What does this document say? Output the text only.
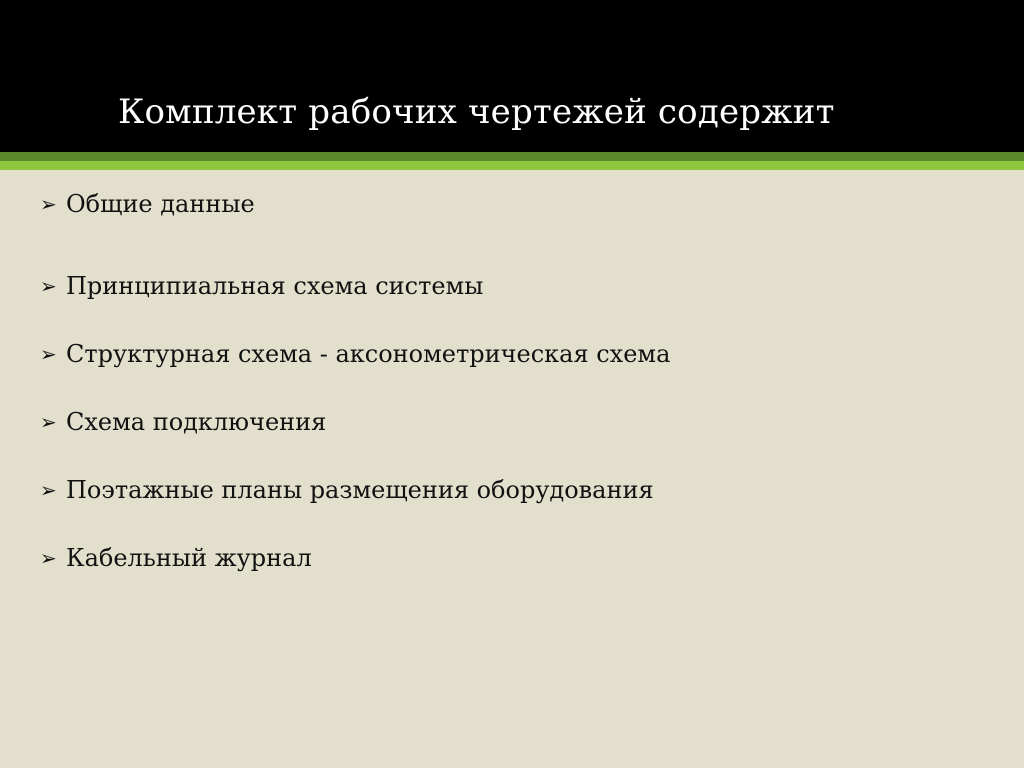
Комплект рабочих чертежей содержит
➢ Общие данные
➢ Принципиальная схема системы
➢ Структурная схема - аксонометрическая схема
➢ Схема подключения
➢ Поэтажные планы размещения оборудования
➢ Кабельный журнал
